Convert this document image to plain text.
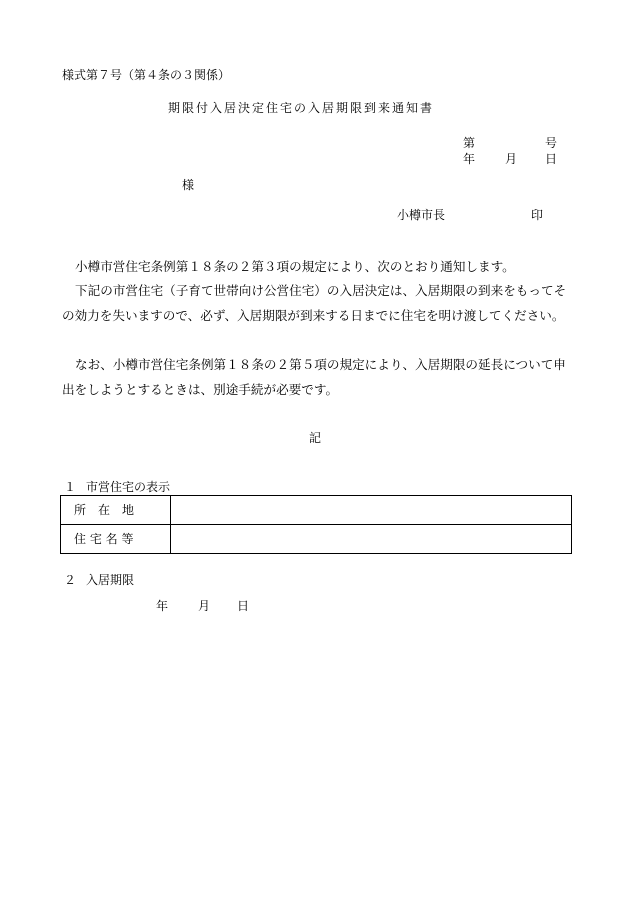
様式第７号（第４条の３関係）
期限付入居決定住宅の入居期限到来通知書
第	号
年 月 日
様
小樽市長	印

小樽市営住宅条例第１８条の２第３項の規定により、次のとおり通知します。

下記の市営住宅（子育て世帯向け公営住宅）の入居決定は、入居期限の到来をもってその効力を失いますので、必ず、入居期限が到来する日までに住宅を明け渡してください。

なお、小樽市営住宅条例第１８条の２第５項の規定により、入居期限の延長について申出をしようとするときは、別途手続が必要です。

記
１ 市営住宅の表示
所　在　地	
住 宅 名 等	
２ 入居期限
年 月 日
